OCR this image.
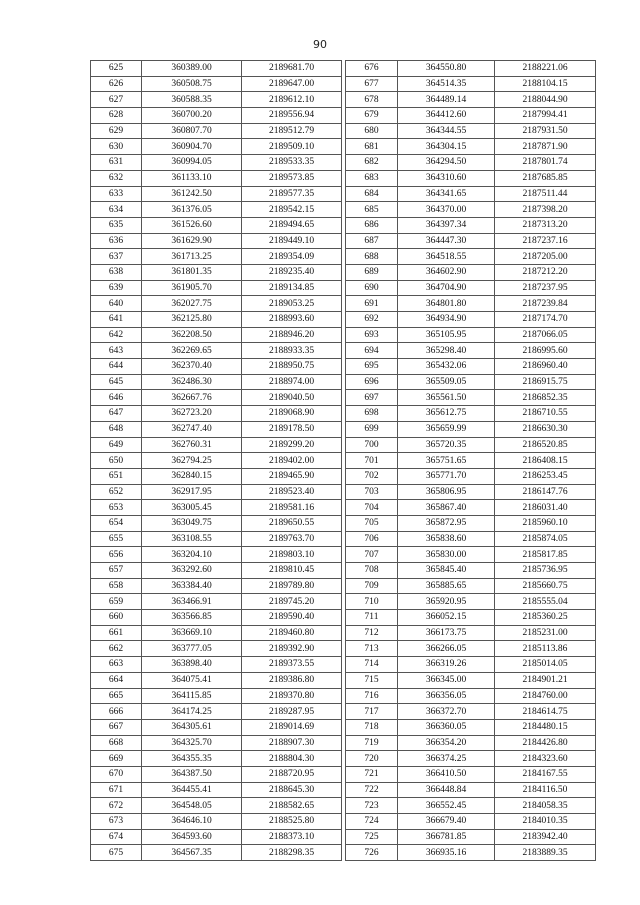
90
625	360389.00	2189681.70
626	360508.75	2189647.00
627	360588.35	2189612.10
628	360700.20	2189556.94
629	360807.70	2189512.79
630	360904.70	2189509.10
631	360994.05	2189533.35
632	361133.10	2189573.85
633	361242.50	2189577.35
634	361376.05	2189542.15
635	361526.60	2189494.65
636	361629.90	2189449.10
637	361713.25	2189354.09
638	361801.35	2189235.40
639	361905.70	2189134.85
640	362027.75	2189053.25
641	362125.80	2188993.60
642	362208.50	2188946.20
643	362269.65	2188933.35
644	362370.40	2188950.75
645	362486.30	2188974.00
646	362667.76	2189040.50
647	362723.20	2189068.90
648	362747.40	2189178.50
649	362760.31	2189299.20
650	362794.25	2189402.00
651	362840.15	2189465.90
652	362917.95	2189523.40
653	363005.45	2189581.16
654	363049.75	2189650.55
655	363108.55	2189763.70
656	363204.10	2189803.10
657	363292.60	2189810.45
658	363384.40	2189789.80
659	363466.91	2189745.20
660	363566.85	2189590.40
661	363669.10	2189460.80
662	363777.05	2189392.90
663	363898.40	2189373.55
664	364075.41	2189386.80
665	364115.85	2189370.80
666	364174.25	2189287.95
667	364305.61	2189014.69
668	364325.70	2188907.30
669	364355.35	2188804.30
670	364387.50	2188720.95
671	364455.41	2188645.30
672	364548.05	2188582.65
673	364646.10	2188525.80
674	364593.60	2188373.10
675	364567.35	2188298.35
676	364550.80	2188221.06
677	364514.35	2188104.15
678	364489.14	2188044.90
679	364412.60	2187994.41
680	364344.55	2187931.50
681	364304.15	2187871.90
682	364294.50	2187801.74
683	364310.60	2187685.85
684	364341.65	2187511.44
685	364370.00	2187398.20
686	364397.34	2187313.20
687	364447.30	2187237.16
688	364518.55	2187205.00
689	364602.90	2187212.20
690	364704.90	2187237.95
691	364801.80	2187239.84
692	364934.90	2187174.70
693	365105.95	2187066.05
694	365298.40	2186995.60
695	365432.06	2186960.40
696	365509.05	2186915.75
697	365561.50	2186852.35
698	365612.75	2186710.55
699	365659.99	2186630.30
700	365720.35	2186520.85
701	365751.65	2186408.15
702	365771.70	2186253.45
703	365806.95	2186147.76
704	365867.40	2186031.40
705	365872.95	2185960.10
706	365838.60	2185874.05
707	365830.00	2185817.85
708	365845.40	2185736.95
709	365885.65	2185660.75
710	365920.95	2185555.04
711	366052.15	2185360.25
712	366173.75	2185231.00
713	366266.05	2185113.86
714	366319.26	2185014.05
715	366345.00	2184901.21
716	366356.05	2184760.00
717	366372.70	2184614.75
718	366360.05	2184480.15
719	366354.20	2184426.80
720	366374.25	2184323.60
721	366410.50	2184167.55
722	366448.84	2184116.50
723	366552.45	2184058.35
724	366679.40	2184010.35
725	366781.85	2183942.40
726	366935.16	2183889.35
